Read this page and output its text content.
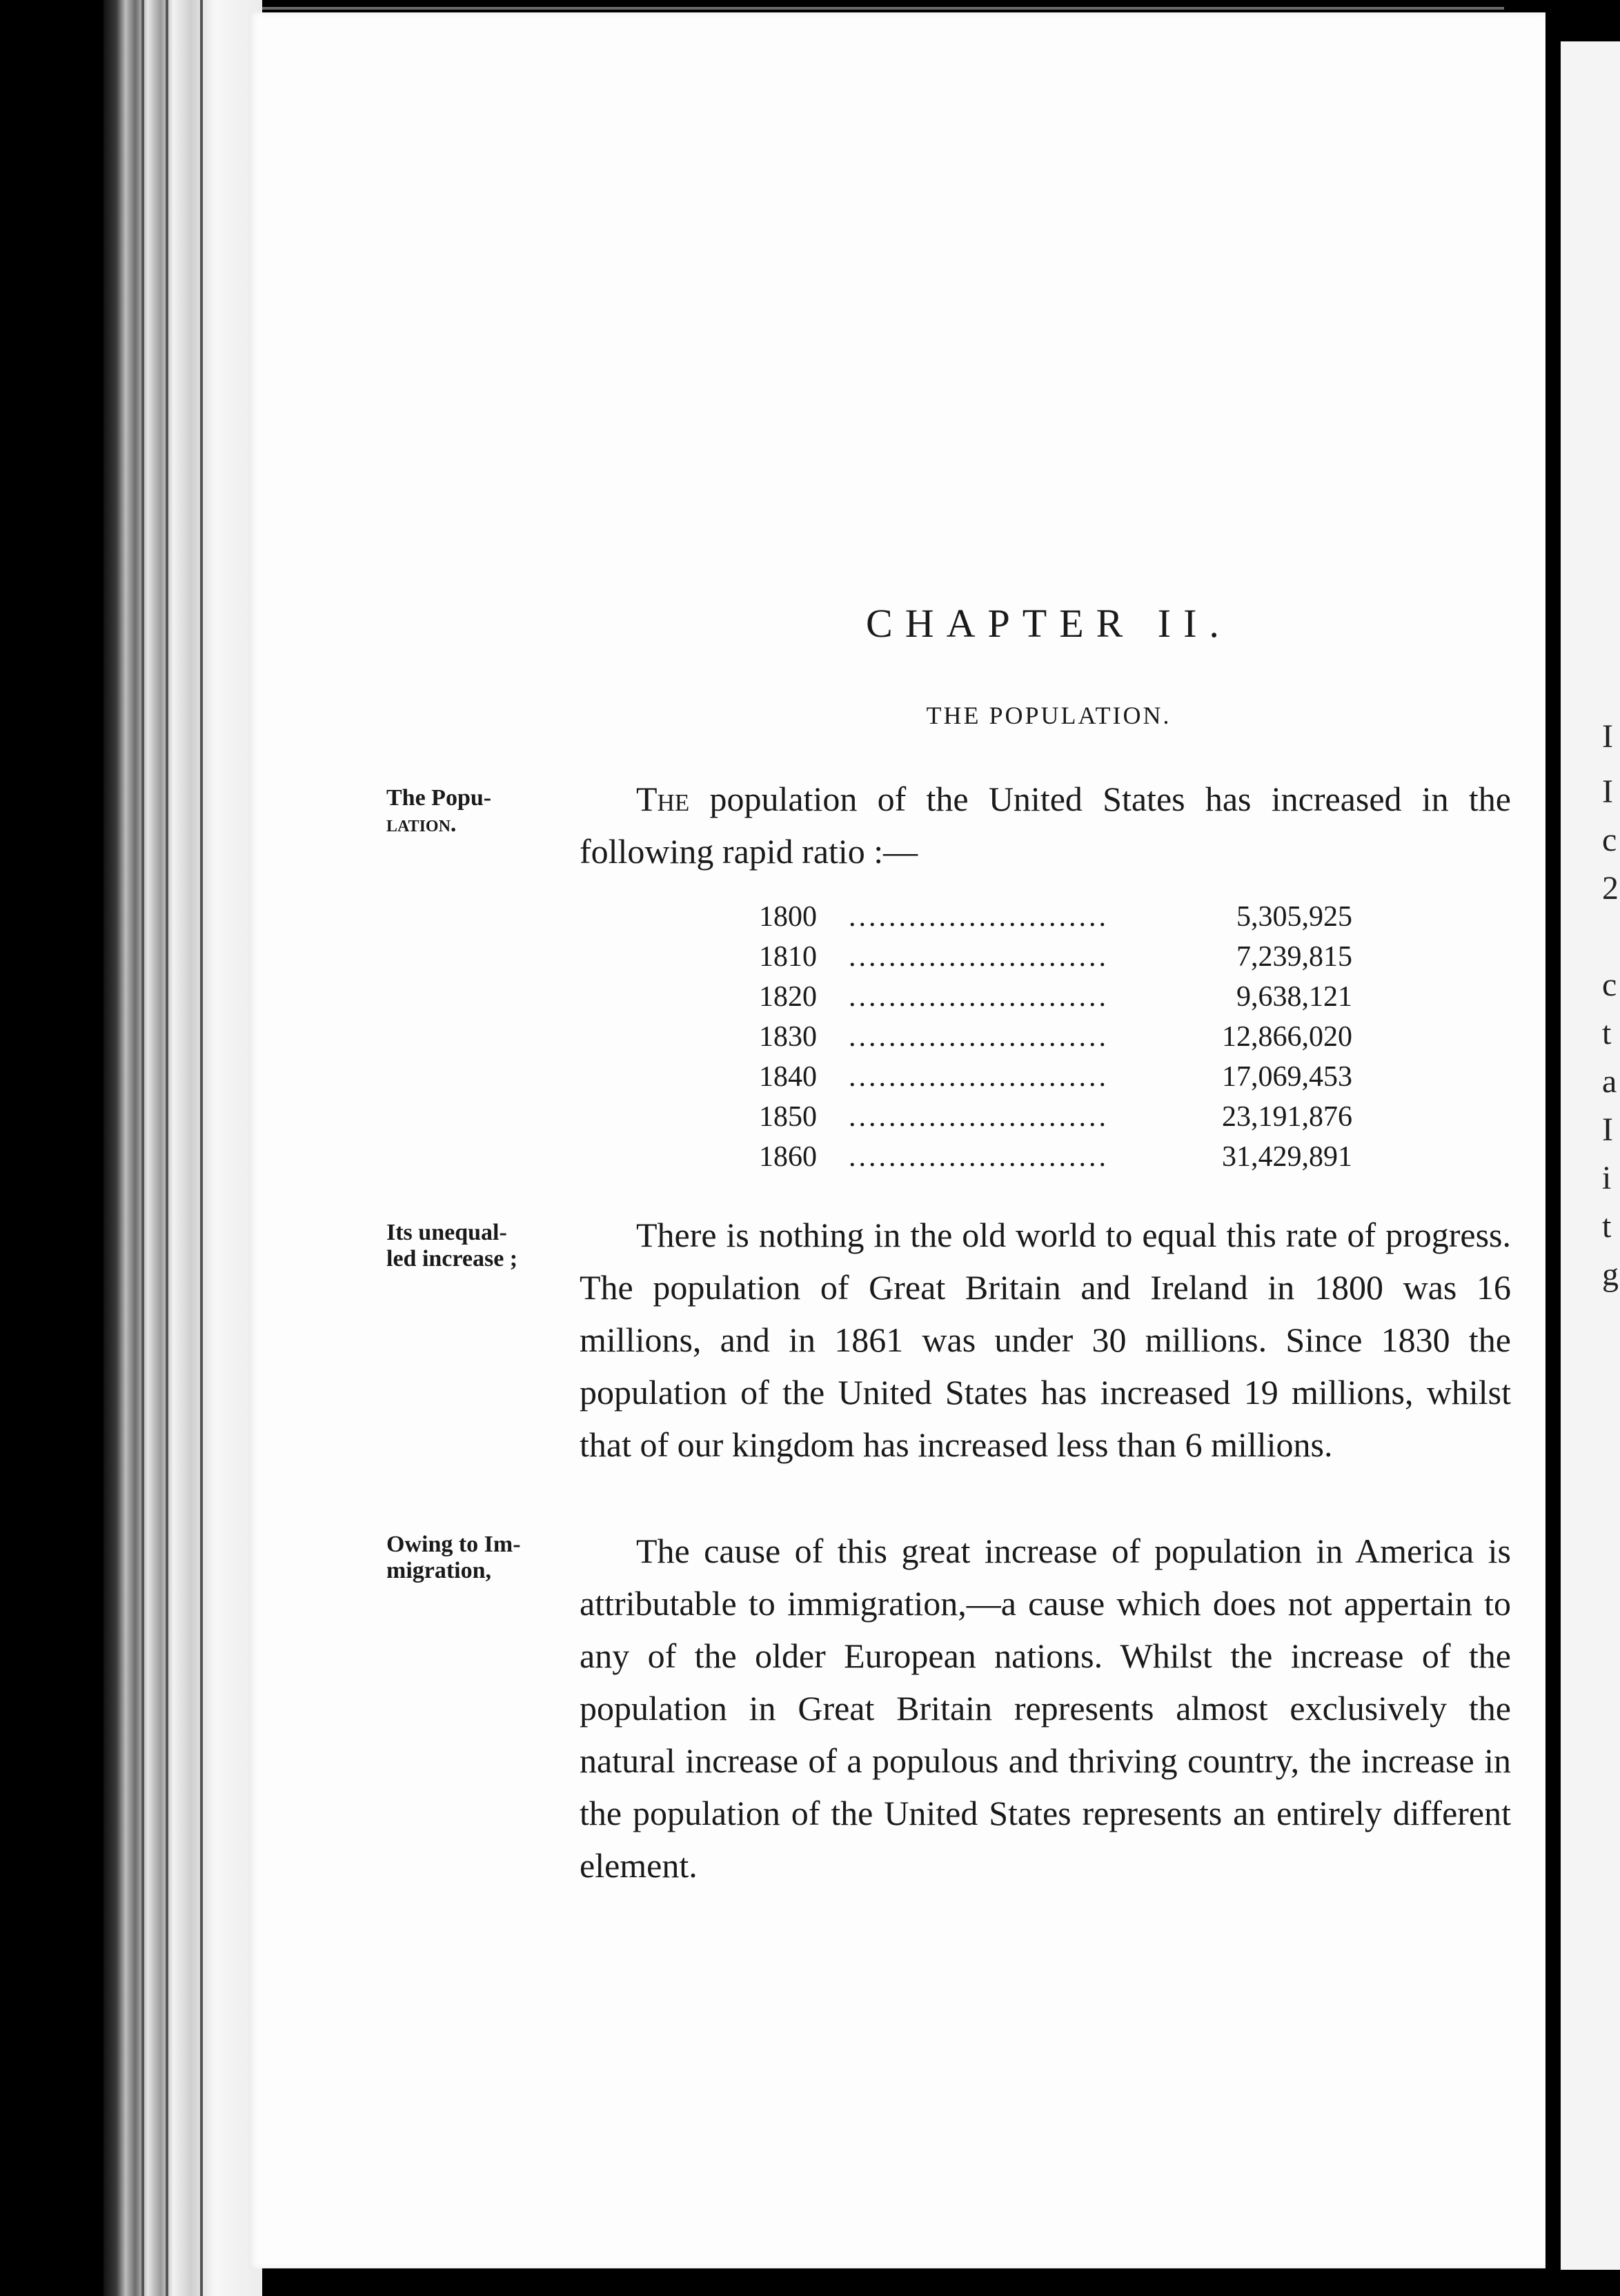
I
I
c
2
c
t
a
I
i
t
g
CHAPTER II.
THE POPULATION.
The Popu-
lation.
The population of the United States has increased in the following rapid ratio :—
1800	..........................	5,305,925
1810	..........................	7,239,815
1820	..........................	9,638,121
1830	..........................	12,866,020
1840	..........................	17,069,453
1850	..........................	23,191,876
1860	..........................	31,429,891
Its unequal-
led increase ;
There is nothing in the old world to equal this rate of progress. The population of Great Britain and Ireland in 1800 was 16 millions, and in 1861 was under 30 millions. Since 1830 the population of the United States has increased 19 millions, whilst that of our kingdom has increased less than 6 millions.
Owing to Im-
migration,
The cause of this great increase of population in America is attributable to immigration,—a cause which does not appertain to any of the older European nations. Whilst the increase of the population in Great Britain represents almost exclusively the natural increase of a populous and thriving country, the increase in the population of the United States represents an entirely different element.
